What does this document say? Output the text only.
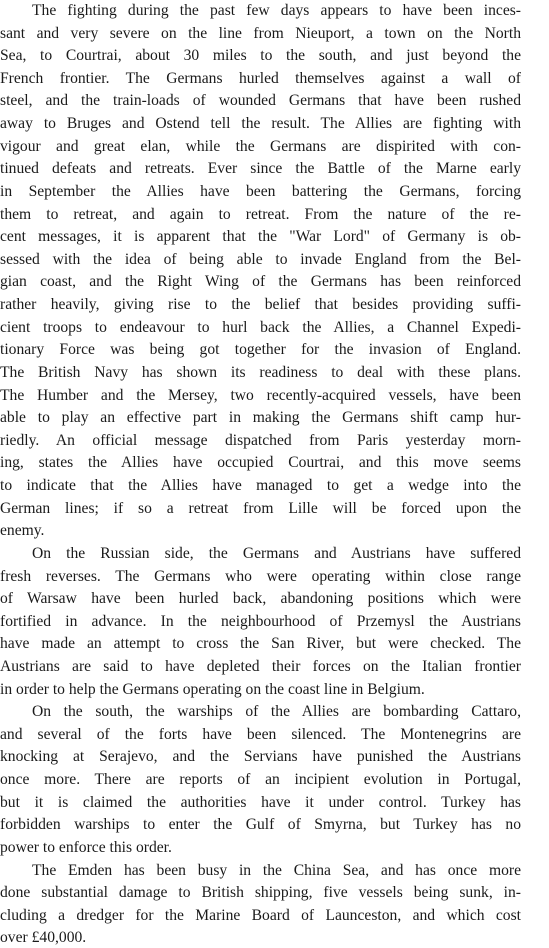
The fighting during the past few days appears to have been inces-
sant and very severe on the line from Nieuport, a town on the North
Sea, to Courtrai, about 30 miles to the south, and just beyond the
French frontier. The Germans hurled themselves against a wall of
steel, and the train-loads of wounded Germans that have been rushed
away to Bruges and Ostend tell the result. The Allies are fighting with
vigour and great elan, while the Germans are dispirited with con-
tinued defeats and retreats. Ever since the Battle of the Marne early
in September the Allies have been battering the Germans, forcing
them to retreat, and again to retreat. From the nature of the re-
cent messages, it is apparent that the "War Lord" of Germany is ob-
sessed with the idea of being able to invade England from the Bel-
gian coast, and the Right Wing of the Germans has been reinforced
rather heavily, giving rise to the belief that besides providing suffi-
cient troops to endeavour to hurl back the Allies, a Channel Expedi-
tionary Force was being got together for the invasion of England.
The British Navy has shown its readiness to deal with these plans.
The Humber and the Mersey, two recently-acquired vessels, have been
able to play an effective part in making the Germans shift camp hur-
riedly. An official message dispatched from Paris yesterday morn-
ing, states the Allies have occupied Courtrai, and this move seems
to indicate that the Allies have managed to get a wedge into the
German lines; if so a retreat from Lille will be forced upon the
enemy.
On the Russian side, the Germans and Austrians have suffered
fresh reverses. The Germans who were operating within close range
of Warsaw have been hurled back, abandoning positions which were
fortified in advance. In the neighbourhood of Przemysl the Austrians
have made an attempt to cross the San River, but were checked. The
Austrians are said to have depleted their forces on the Italian frontier
in order to help the Germans operating on the coast line in Belgium.
On the south, the warships of the Allies are bombarding Cattaro,
and several of the forts have been silenced. The Montenegrins are
knocking at Serajevo, and the Servians have punished the Austrians
once more. There are reports of an incipient evolution in Portugal,
but it is claimed the authorities have it under control. Turkey has
forbidden warships to enter the Gulf of Smyrna, but Turkey has no
power to enforce this order.
The Emden has been busy in the China Sea, and has once more
done substantial damage to British shipping, five vessels being sunk, in-
cluding a dredger for the Marine Board of Launceston, and which cost
over £40,000.
